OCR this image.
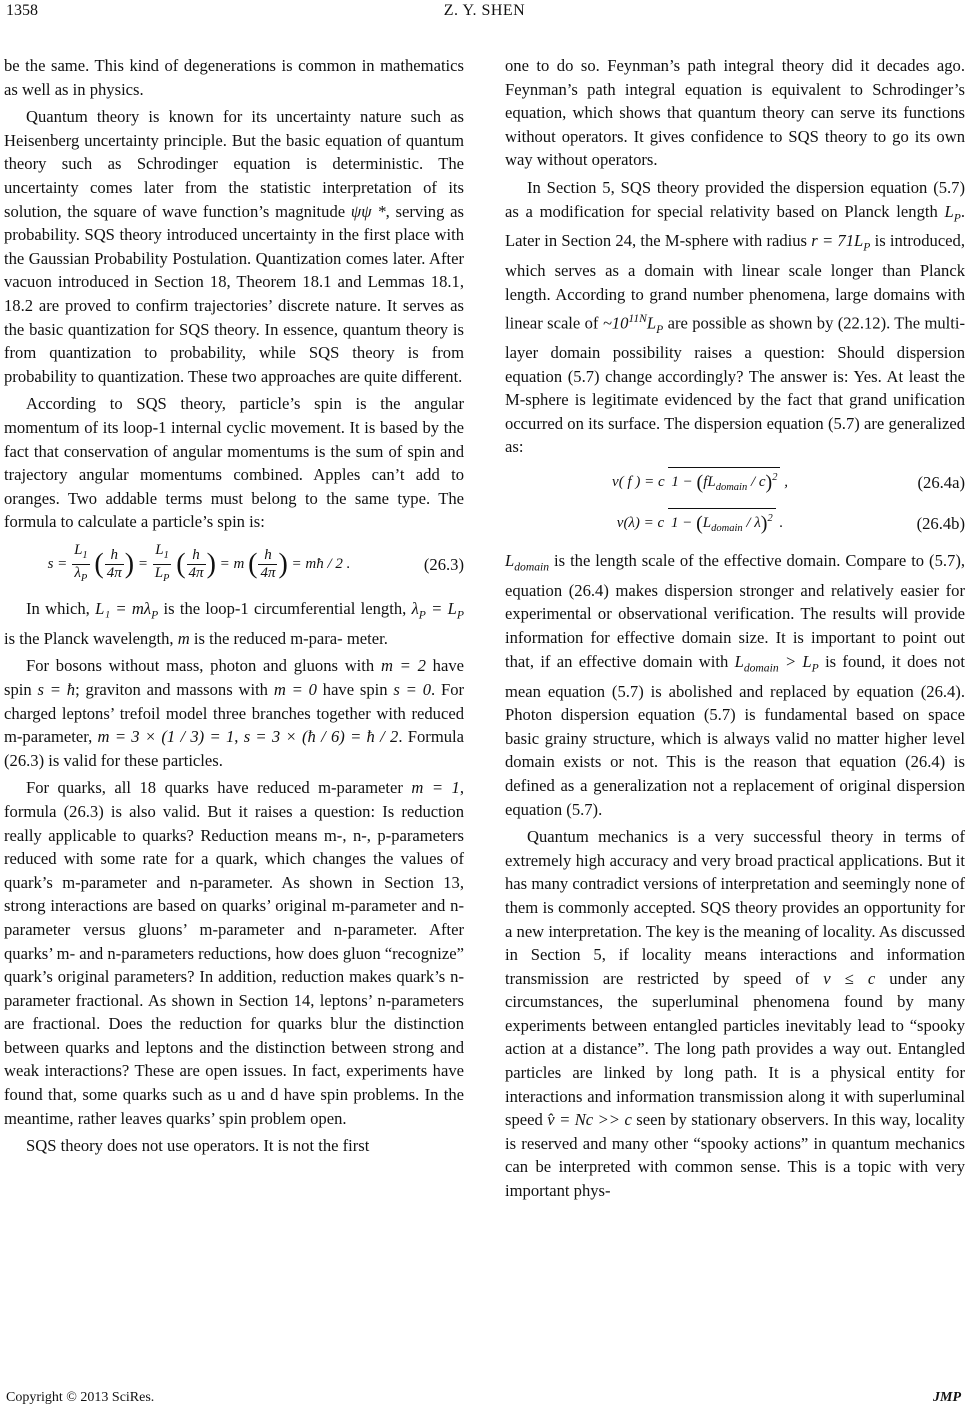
1358	Z. Y. SHEN

be the same. This kind of degenerations is common in mathematics as well as in physics.

Quantum theory is known for its uncertainty nature such as Heisenberg uncertainty principle. But the basic equation of quantum theory such as Schrodinger equation is deterministic. The uncertainty comes later from the statistic interpretation of its solution, the square of wave function’s magnitude ψψ *, serving as probability. SQS theory introduced uncertainty in the first place with the Gaussian Probability Postulation. Quantization comes later. After vacuon introduced in Section 18, Theorem 18.1 and Lemmas 18.1, 18.2 are proved to confirm trajectories’ discrete nature. It serves as the basic quantization for SQS theory. In essence, quantum theory is from quantization to probability, while SQS theory is from probability to quantization. These two approaches are quite different.

According to SQS theory, particle’s spin is the angular momentum of its loop-1 internal cyclic movement. It is based by the fact that conservation of angular momentums is the sum of spin and trajectory angular momentums combined. Apples can’t add to oranges. Two addable terms must belong to the same type. The formula to calculate a particle’s spin is:

$s = \frac{L_1}{\lambda_P}$ ( $\frac{h}{4\pi}$ ) = $\frac{L_1}{L_P}$ ( $\frac{h}{4\pi}$ ) = m ( $\frac{h}{4\pi}$ ) = mħ / 2 .	(26.3)

In which, $L_1 = m\lambda_P$ is the loop-1 circumferential length, $\lambda_P = L_P$ is the Planck wavelength, m is the reduced m-para- meter.

For bosons without mass, photon and gluons with m = 2 have spin s = ħ; graviton and massons with m = 0 have spin s = 0. For charged leptons’ trefoil model three branches together with reduced m-parameter, m = 3 × (1 / 3) = 1, s = 3 × (ħ / 6) = ħ / 2. Formula (26.3) is valid for these particles.

For quarks, all 18 quarks have reduced m-parameter m = 1, formula (26.3) is also valid. But it raises a question: Is reduction really applicable to quarks? Reduction means m-, n-, p-parameters reduced with some rate for a quark, which changes the values of quark’s m-parameter and n-parameter. As shown in Section 13, strong interactions are based on quarks’ original m-parameter and n-parameter versus gluons’ m-parameter and n-parameter. After quarks’ m- and n-parameters reductions, how does gluon “recognize” quark’s original parameters? In addition, reduction makes quark’s n-parameter fractional. As shown in Section 14, leptons’ n-parameters are fractional. Does the reduction for quarks blur the distinction between quarks and leptons and the distinction between strong and weak interactions? These are open issues. In fact, experiments have found that, some quarks such as u and d have spin problems. In the meantime, rather leaves quarks’ spin problem open.

SQS theory does not use operators. It is not the first

one to do so. Feynman’s path integral theory did it decades ago. Feynman’s path integral equation is equivalent to Schrodinger’s equation, which shows that quantum theory can serve its functions without operators. It gives confidence to SQS theory to go its own way without operators.

In Section 5, SQS theory provided the dispersion equation (5.7) as a modification for special relativity based on Planck length $L_P$. Later in Section 24, the M-sphere with radius $r = 71L_P$ is introduced, which serves as a domain with linear scale longer than Planck length. According to grand number phenomena, large domains with linear scale of $\sim 10^{11N}L_P$ are possible as shown by (22.12). The multi-layer domain possibility raises a question: Should dispersion equation (5.7) change accordingly? The answer is: Yes. At least the M-sphere is legitimate evidenced by the fact that grand unification occurred on its surface. The dispersion equation (5.7) are generalized as:

v( f ) = c $1 - (fL_{domain} / c)^2$ ,	(26.4a)
v(λ) = c $1 - (L_{domain} / \lambda)^2$ .	(26.4b)

$L_{domain}$ is the length scale of the effective domain. Compare to (5.7), equation (26.4) makes dispersion stronger and relatively easier for experimental or observational verification. The results will provide information for effective domain size. It is important to point out that, if an effective domain with $L_{domain} > L_P$ is found, it does not mean equation (5.7) is abolished and replaced by equation (26.4). Photon dispersion equation (5.7) is fundamental based on space basic grainy structure, which is always valid no matter higher level domain exists or not. This is the reason that equation (26.4) is defined as a generalization not a replacement of original dispersion equation (5.7).

Quantum mechanics is a very successful theory in terms of extremely high accuracy and very broad practical applications. But it has many contradict versions of interpretation and seemingly none of them is commonly accepted. SQS theory provides an opportunity for a new interpretation. The key is the meaning of locality. As discussed in Section 5, if locality means interactions and information transmission are restricted by speed of v ≤ c under any circumstances, the superluminal phenomena found by many experiments between entangled particles inevitably lead to “spooky action at a distance”. The long path provides a way out. Entangled particles are linked by long path. It is a physical entity for interactions and information transmission along it with superluminal speed v̂ = Nc >> c seen by stationary observers. In this way, locality is reserved and many other “spooky actions” in quantum mechanics can be interpreted with common sense. This is a topic with very important phys-

Copyright © 2013 SciRes.	JMP
